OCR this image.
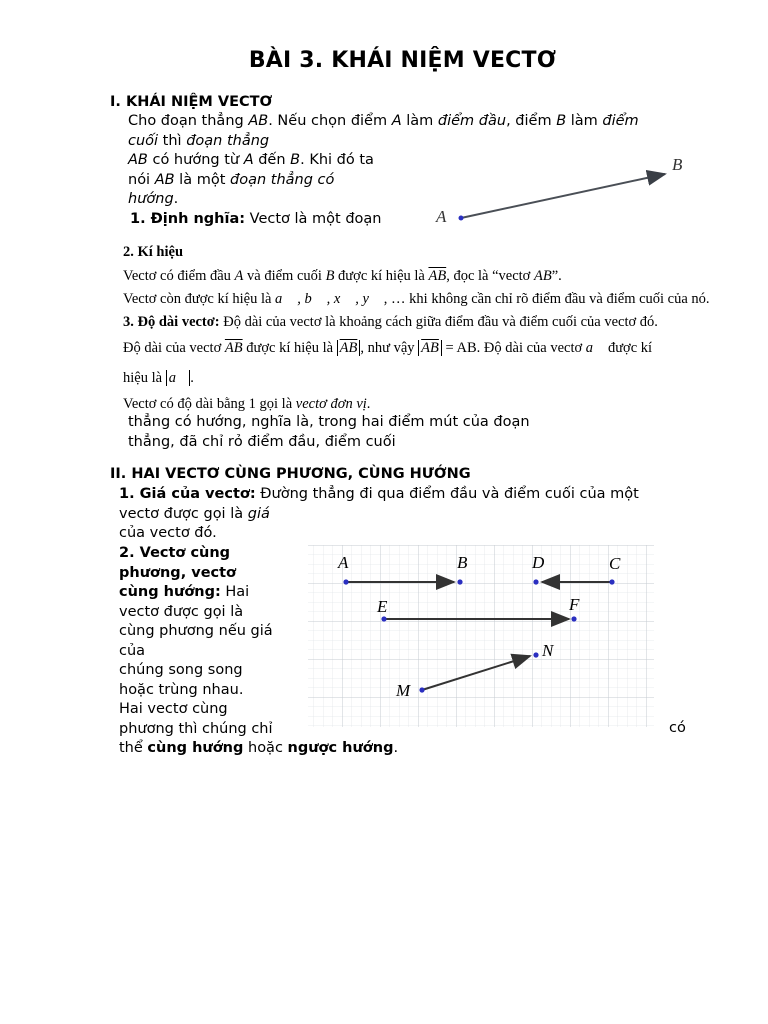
BÀI 3. KHÁI NIỆM VECTƠ
I. KHÁI NIỆM VECTƠ
Cho đoạn thẳng AB. Nếu chọn điểm A làm điểm đầu, điểm B làm điểm
cuối thì đoạn thẳng
AB có hướng từ A đến B. Khi đó ta
nói AB là một đoạn thẳng có
hướng.
1. Định nghĩa: Vectơ là một đoạn	A
B
2. Kí hiệu
Vectơ có điểm đầu A và điểm cuối B được kí hiệu là $\overline{AB}$, đọc là “vectơ AB”.
Vectơ còn được kí hiệu là a⃗ , b⃗ , x⃗ , y⃗ , … khi không cần chỉ rõ điểm đầu và điểm cuối của nó.
3. Độ dài vectơ: Độ dài của vectơ là khoảng cách giữa điểm đầu và điểm cuối của vectơ đó.
Độ dài của vectơ $\overline{AB}$ được kí hiệu là $\overline{AB}$ , như vậy $\overline{AB}$ = AB. Độ dài của vectơ a⃗ được kí
hiệu là a⃗ .
Vectơ có độ dài bằng 1 gọi là vectơ đơn vị.
thẳng có hướng, nghĩa là, trong hai điểm mút của đoạn
thẳng, đã chỉ rỏ điểm đầu, điểm cuối
II. HAI VECTƠ CÙNG PHƯƠNG, CÙNG HƯỚNG
1. Giá của vectơ: Đường thẳng đi qua điểm đầu và điểm cuối của một
vectơ được gọi là giá
của vectơ đó.
2. Vectơ cùng
phương, vectơ
cùng hướng: Hai
vectơ được gọi là
cùng phương nếu giá
của
chúng song song
hoặc trùng nhau.
Hai vectơ cùng
phương thì chúng chỉ	có
thể cùng hướng hoặc ngược hướng.
A	B	D	C
E	F
M
N
